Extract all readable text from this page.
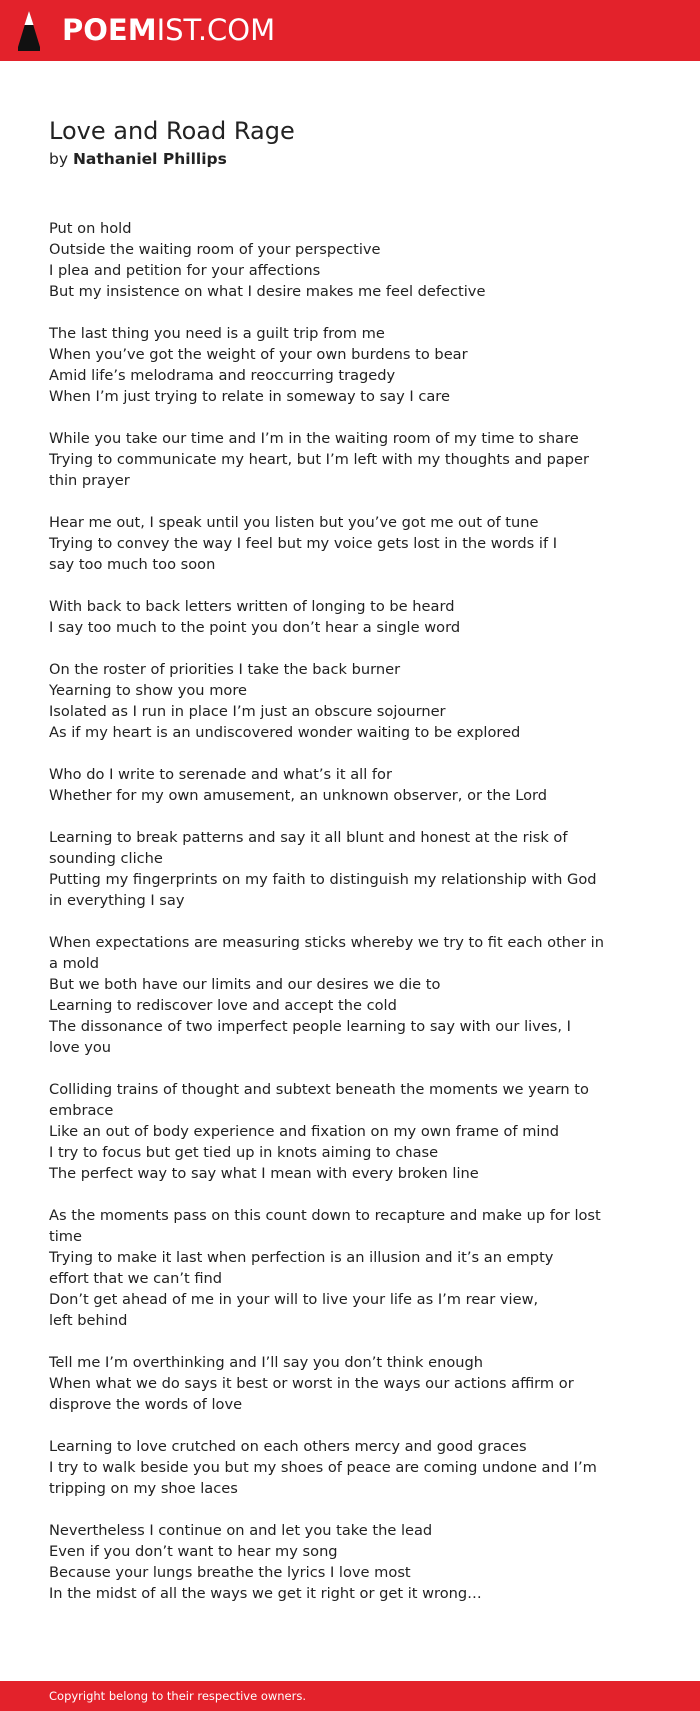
POEMIST.COM
Love and Road Rage
by Nathaniel Phillips
Put on hold
Outside the waiting room of your perspective
I plea and petition for your affections
But my insistence on what I desire makes me feel defective
The last thing you need is a guilt trip from me
When you’ve got the weight of your own burdens to bear
Amid life’s melodrama and reoccurring tragedy
When I’m just trying to relate in someway to say I care
While you take our time and I’m in the waiting room of my time to share
Trying to communicate my heart, but I’m left with my thoughts and paper
thin prayer
Hear me out, I speak until you listen but you’ve got me out of tune
Trying to convey the way I feel but my voice gets lost in the words if I
say too much too soon
With back to back letters written of longing to be heard
I say too much to the point you don’t hear a single word
On the roster of priorities I take the back burner
Yearning to show you more
Isolated as I run in place I’m just an obscure sojourner
As if my heart is an undiscovered wonder waiting to be explored
Who do I write to serenade and what’s it all for
Whether for my own amusement, an unknown observer, or the Lord
Learning to break patterns and say it all blunt and honest at the risk of
sounding cliche
Putting my fingerprints on my faith to distinguish my relationship with God
in everything I say
When expectations are measuring sticks whereby we try to fit each other in
a mold
But we both have our limits and our desires we die to
Learning to rediscover love and accept the cold
The dissonance of two imperfect people learning to say with our lives, I
love you
Colliding trains of thought and subtext beneath the moments we yearn to
embrace
Like an out of body experience and fixation on my own frame of mind
I try to focus but get tied up in knots aiming to chase
The perfect way to say what I mean with every broken line
As the moments pass on this count down to recapture and make up for lost
time
Trying to make it last when perfection is an illusion and it’s an empty
effort that we can’t find
Don’t get ahead of me in your will to live your life as I’m rear view,
left behind
Tell me I’m overthinking and I’ll say you don’t think enough
When what we do says it best or worst in the ways our actions affirm or
disprove the words of love
Learning to love crutched on each others mercy and good graces
I try to walk beside you but my shoes of peace are coming undone and I’m
tripping on my shoe laces
Nevertheless I continue on and let you take the lead
Even if you don’t want to hear my song
Because your lungs breathe the lyrics I love most
In the midst of all the ways we get it right or get it wrong…
Copyright belong to their respective owners.
